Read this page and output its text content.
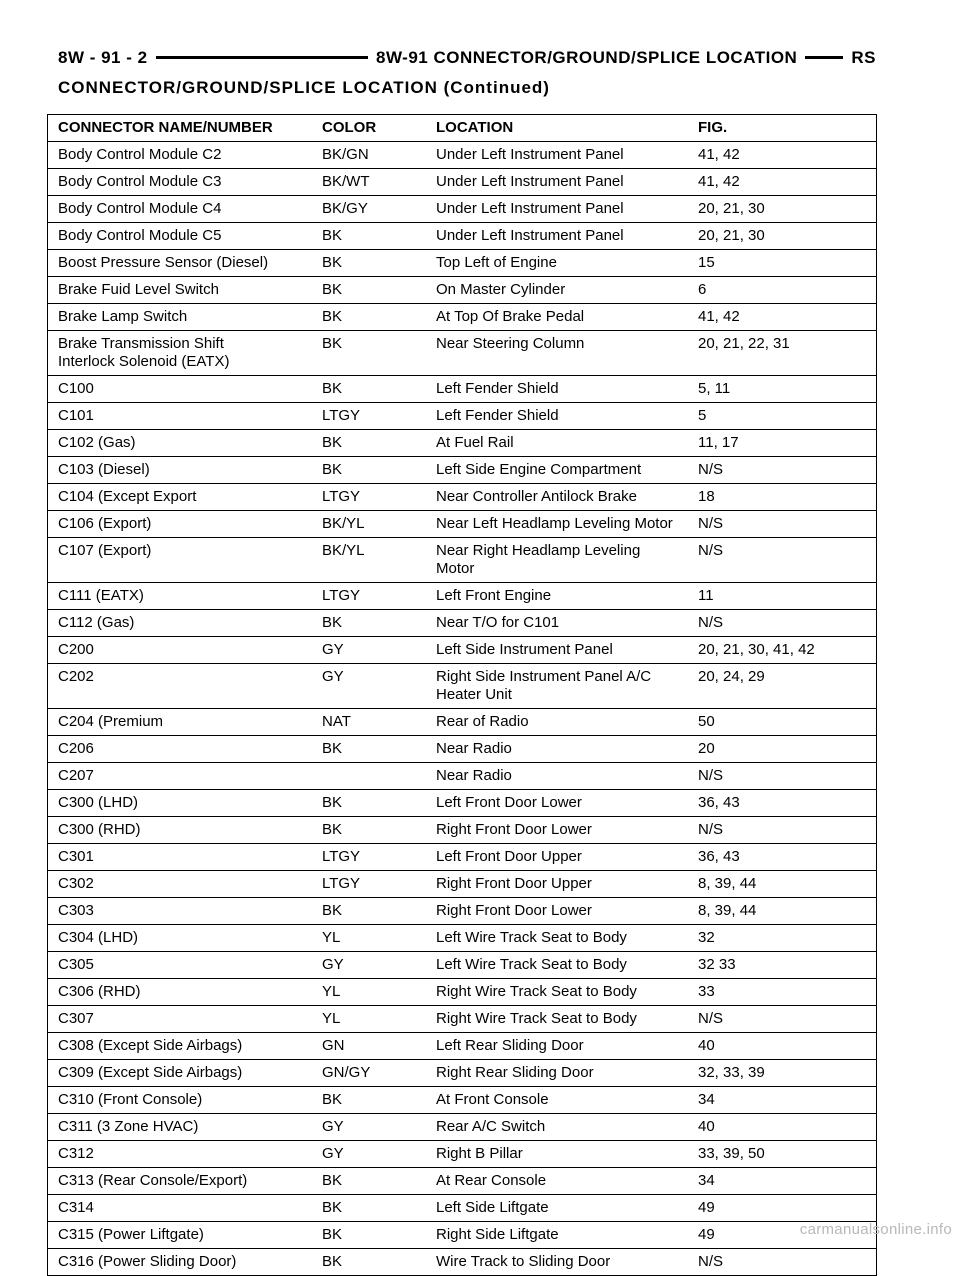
8W - 91 - 2	8W-91 CONNECTOR/GROUND/SPLICE LOCATION	RS
CONNECTOR/GROUND/SPLICE LOCATION (Continued)
CONNECTOR NAME/NUMBER	COLOR	LOCATION	FIG.
Body Control Module C2	BK/GN	Under Left Instrument Panel	41, 42
Body Control Module C3	BK/WT	Under Left Instrument Panel	41, 42
Body Control Module C4	BK/GY	Under Left Instrument Panel	20, 21, 30
Body Control Module C5	BK	Under Left Instrument Panel	20, 21, 30
Boost Pressure Sensor (Diesel)	BK	Top Left of Engine	15
Brake Fuid Level Switch	BK	On Master Cylinder	6
Brake Lamp Switch	BK	At Top Of Brake Pedal	41, 42
Brake Transmission Shift
Interlock Solenoid (EATX)	BK	Near Steering Column	20, 21, 22, 31
C100	BK	Left Fender Shield	5, 11
C101	LTGY	Left Fender Shield	5
C102 (Gas)	BK	At Fuel Rail	11, 17
C103 (Diesel)	BK	Left Side Engine Compartment	N/S
C104 (Except Export	LTGY	Near Controller Antilock Brake	18
C106 (Export)	BK/YL	Near Left Headlamp Leveling Motor	N/S
C107 (Export)	BK/YL	Near Right Headlamp Leveling
Motor	N/S
C111 (EATX)	LTGY	Left Front Engine	11
C112 (Gas)	BK	Near T/O for C101	N/S
C200	GY	Left Side Instrument Panel	20, 21, 30, 41, 42
C202	GY	Right Side Instrument Panel A/C
Heater Unit	20, 24, 29
C204 (Premium	NAT	Rear of Radio	50
C206	BK	Near Radio	20
C207		Near Radio	N/S
C300 (LHD)	BK	Left Front Door Lower	36, 43
C300 (RHD)	BK	Right Front Door Lower	N/S
C301	LTGY	Left Front Door Upper	36, 43
C302	LTGY	Right Front Door Upper	8, 39, 44
C303	BK	Right Front Door Lower	8, 39, 44
C304 (LHD)	YL	Left Wire Track Seat to Body	32
C305	GY	Left Wire Track Seat to Body	32 33
C306 (RHD)	YL	Right Wire Track Seat to Body	33
C307	YL	Right Wire Track Seat to Body	N/S
C308 (Except Side Airbags)	GN	Left Rear Sliding Door	40
C309 (Except Side Airbags)	GN/GY	Right Rear Sliding Door	32, 33, 39
C310 (Front Console)	BK	At Front Console	34
C311 (3 Zone HVAC)	GY	Rear A/C Switch	40
C312	GY	Right B Pillar	33, 39, 50
C313 (Rear Console/Export)	BK	At Rear Console	34
C314	BK	Left Side Liftgate	49
C315 (Power Liftgate)	BK	Right Side Liftgate	49
C316 (Power Sliding Door)	BK	Wire Track to Sliding Door	N/S
carmanualsonline.info
